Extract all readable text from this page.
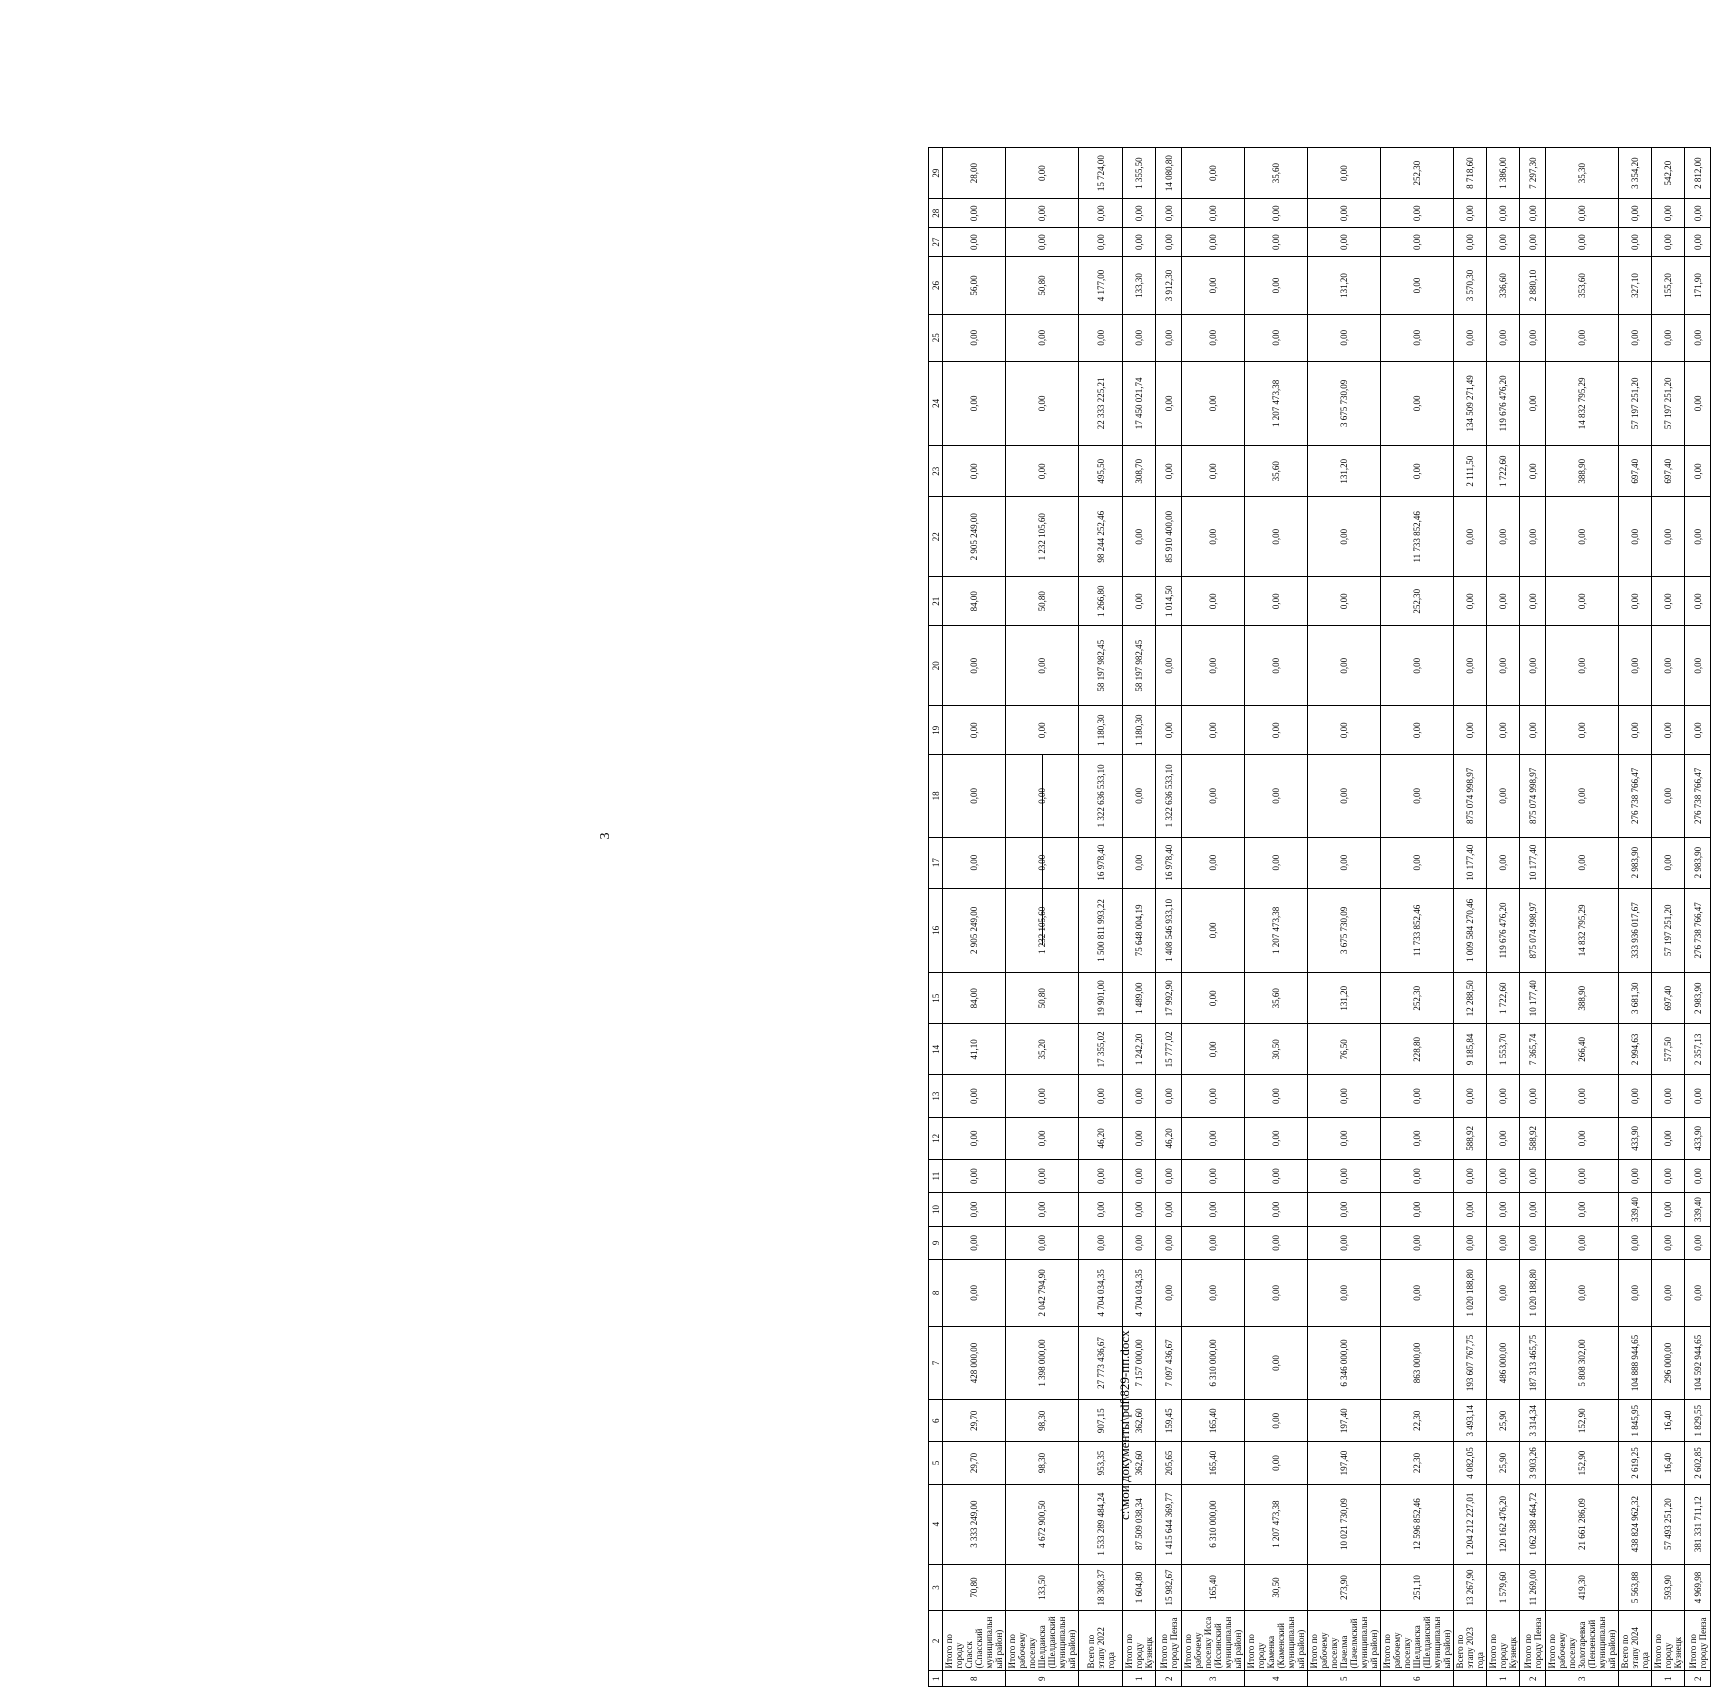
3
c:\мои документы\pdf\829-пп.docx
1	2	3	4	5	6	7	8	9	10	11	12	13	14	15	16	17	18	19	20	21	22	23	24	25	26	27	28	29
8	Итого по городу Спасск (Спасский муниципальный район)	70,80	3 333 249,00	29,70	29,70	428 000,00	0,00	0,00	0,00	0,00	0,00	0,00	41,10	84,00	2 905 249,00	0,00	0,00	0,00	0,00	84,00	2 905 249,00	0,00	0,00	0,00	56,00	0,00	0,00	28,00
9	Итого по рабочему поселку Шелдаиска (Шелдаиский муниципальный район)	133,50	4 672 900,50	98,30	98,30	1 398 000,00	2 042 794,90	0,00	0,00	0,00	0,00	0,00	35,20	50,80	1 232 105,60	0,00	0,00	0,00	0,00	50,80	1 232 105,60	0,00	0,00	0,00	50,80	0,00	0,00	0,00
	Всего по этапу 2022 года	18 308,37	1 533 289 484,24	953,35	907,15	27 773 436,67	4 704 034,35	0,00	0,00	0,00	46,20	0,00	17 355,02	19 901,00	1 500 811 993,22	16 978,40	1 322 636 533,10	1 180,30	58 197 982,45	1 266,80	98 244 252,46	495,50	22 333 225,21	0,00	4 177,00	0,00	0,00	15 724,00
1	Итого по городу Кузнецк	1 604,80	87 509 038,34	362,60	362,60	7 157 000,00	4 704 034,35	0,00	0,00	0,00	0,00	0,00	1 242,20	1 489,00	75 648 004,19	0,00	0,00	1 180,30	58 197 982,45	0,00	0,00	308,70	17 450 021,74	0,00	133,30	0,00	0,00	1 355,50
2	Итого по городу Пенза	15 982,67	1 415 644 369,77	205,65	159,45	7 097 436,67	0,00	0,00	0,00	0,00	46,20	0,00	15 777,02	17 992,90	1 408 546 933,10	16 978,40	1 322 636 533,10	0,00	0,00	1 014,50	85 910 400,00	0,00	0,00	0,00	3 912,30	0,00	0,00	14 080,80
3	Итого по рабочему поселку Исса (Иссинский муниципальный район)	165,40	6 310 000,00	165,40	165,40	6 310 000,00	0,00	0,00	0,00	0,00	0,00	0,00	0,00	0,00	0,00	0,00	0,00	0,00	0,00	0,00	0,00	0,00	0,00	0,00	0,00	0,00	0,00	0,00
4	Итого по городу Каменка (Каменский муниципальный район)	30,50	1 207 473,38	0,00	0,00	0,00	0,00	0,00	0,00	0,00	0,00	0,00	30,50	35,60	1 207 473,38	0,00	0,00	0,00	0,00	0,00	0,00	35,60	1 207 473,38	0,00	0,00	0,00	0,00	35,60
5	Итого по рабочему поселку Пачелма (Пачелмский муниципальный район)	273,90	10 021 730,09	197,40	197,40	6 346 000,00	0,00	0,00	0,00	0,00	0,00	0,00	76,50	131,20	3 675 730,09	0,00	0,00	0,00	0,00	0,00	0,00	131,20	3 675 730,09	0,00	131,20	0,00	0,00	0,00
6	Итого по рабочему поселку Шелдаиска (Шелдаиский муниципальный район)	251,10	12 596 852,46	22,30	22,30	863 000,00	0,00	0,00	0,00	0,00	0,00	0,00	228,80	252,30	11 733 852,46	0,00	0,00	0,00	0,00	252,30	11 733 852,46	0,00	0,00	0,00	0,00	0,00	0,00	252,30
	Всего по этапу 2023 года	13 267,90	1 204 212 227,01	4 082,05	3 493,14	193 607 767,75	1 020 188,80	0,00	0,00	0,00	588,92	0,00	9 185,84	12 288,50	1 009 584 270,46	10 177,40	875 074 998,97	0,00	0,00	0,00	0,00	2 111,50	134 509 271,49	0,00	3 570,30	0,00	0,00	8 718,60
1	Итого по городу Кузнецк	1 579,60	120 162 476,20	25,90	25,90	486 000,00	0,00	0,00	0,00	0,00	0,00	0,00	1 553,70	1 722,60	119 676 476,20	0,00	0,00	0,00	0,00	0,00	0,00	1 722,60	119 676 476,20	0,00	336,60	0,00	0,00	1 386,00
2	Итого по городу Пенза	11 269,00	1 062 388 464,72	3 903,26	3 314,34	187 313 465,75	1 020 188,80	0,00	0,00	0,00	588,92	0,00	7 365,74	10 177,40	875 074 998,97	10 177,40	875 074 998,97	0,00	0,00	0,00	0,00	0,00	0,00	0,00	2 880,10	0,00	0,00	7 297,30
3	Итого по рабочему поселку Золотаревка (Пензенский муниципальный район)	419,30	21 661 286,09	152,90	152,90	5 808 302,00	0,00	0,00	0,00	0,00	0,00	0,00	266,40	388,90	14 832 795,29	0,00	0,00	0,00	0,00	0,00	0,00	388,90	14 832 795,29	0,00	353,60	0,00	0,00	35,30
	Всего по этапу 2024 года	5 563,88	438 824 962,32	2 619,25	1 845,95	104 888 944,65	0,00	0,00	339,40	0,00	433,90	0,00	2 994,63	3 681,30	333 936 017,67	2 983,90	276 738 766,47	0,00	0,00	0,00	0,00	697,40	57 197 251,20	0,00	327,10	0,00	0,00	3 354,20
1	Итого по городу Кузнецк	593,90	57 493 251,20	16,40	16,40	296 000,00	0,00	0,00	0,00	0,00	0,00	0,00	577,50	697,40	57 197 251,20	0,00	0,00	0,00	0,00	0,00	0,00	697,40	57 197 251,20	0,00	155,20	0,00	0,00	542,20
2	Итого по городу Пенза	4 969,98	381 331 711,12	2 602,85	1 829,55	104 592 944,65	0,00	0,00	339,40	0,00	433,90	0,00	2 357,13	2 983,90	276 738 766,47	2 983,90	276 738 766,47	0,00	0,00	0,00	0,00	0,00	0,00	0,00	171,90	0,00	0,00	2 812,00
